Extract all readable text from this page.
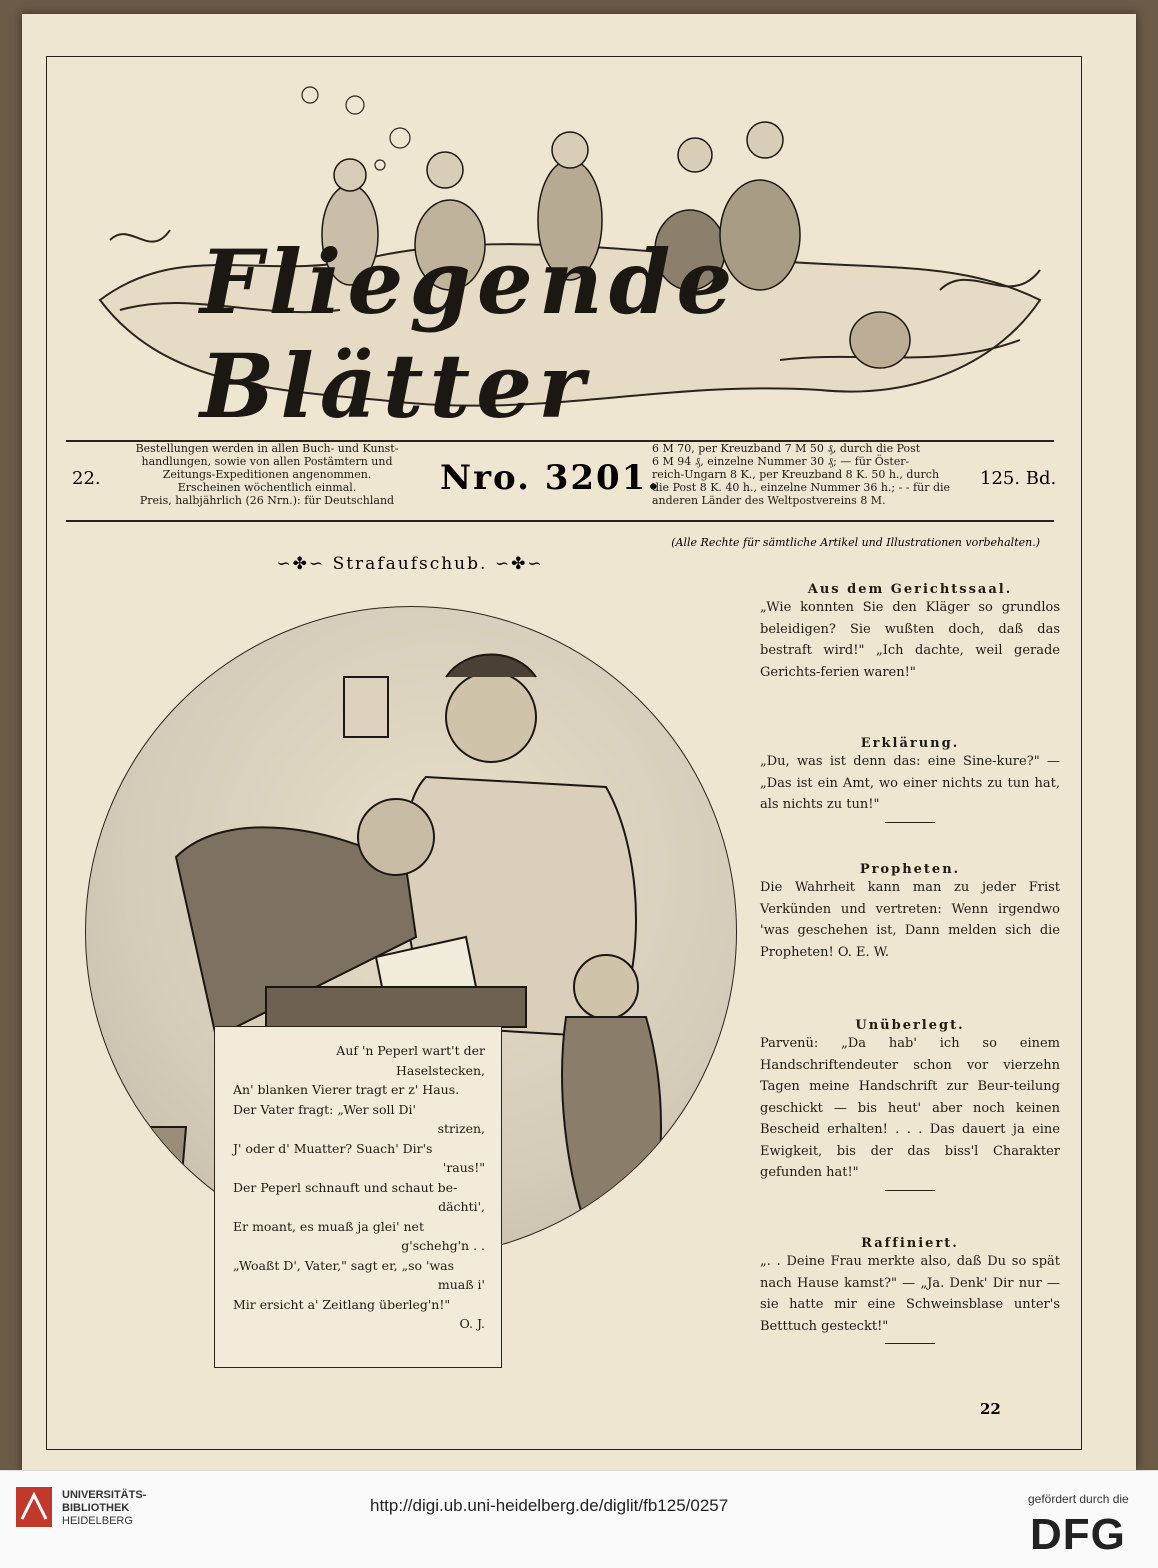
Fliegende Blätter
22.
Bestellungen werden in allen Buch- und Kunst-
handlungen, sowie von allen Postämtern und
Zeitungs-Expeditionen angenommen.
Erscheinen wöchentlich einmal.
Preis, halbjährlich (26 Nrn.): für Deutschland
Nro. 3201.
6 M 70, per Kreuzband 7 M 50 ₰, durch die Post
6 M 94 ₰, einzelne Nummer 30 ₰; — für Öster-
reich-Ungarn 8 K., per Kreuzband 8 K. 50 h., durch
die Post 8 K. 40 h., einzelne Nummer 36 h.; - - für die
anderen Länder des Weltpostvereins 8 M.
125. Bd.
(Alle Rechte für sämtliche Artikel und Illustrationen vorbehalten.)
∽✤∽ Strafaufschub. ∽✤∽
Auf 'n Peperl wart't der
Haselstecken,
An' blanken Vierer tragt er z' Haus.
Der Vater fragt: „Wer soll Di'
strizen,
J' oder d' Muatter? Suach' Dir's
'raus!"
Der Peperl schnauft und schaut be-
dächti',
Er moant, es muaß ja glei' net
g'schehg'n . .
„Woaßt D', Vater," sagt er, „so 'was
muaß i'
Mir ersicht a' Zeitlang überleg'n!"
O. J.
Aus dem Gerichtssaal.

„Wie konnten Sie den Kläger so grundlos beleidigen? Sie wußten doch, daß das bestraft wird!" „Ich dachte, weil gerade Gerichts-ferien waren!"

Erklärung.

„Du, was ist denn das: eine Sine-kure?" — „Das ist ein Amt, wo einer nichts zu tun hat, als nichts zu tun!"

Propheten.

Die Wahrheit kann man zu jeder Frist Verkünden und vertreten: Wenn irgendwo 'was geschehen ist, Dann melden sich die Propheten! O. E. W.

Unüberlegt.

Parvenü: „Da hab' ich so einem Handschriftendeuter schon vor vierzehn Tagen meine Handschrift zur Beur-teilung geschickt — bis heut' aber noch keinen Bescheid erhalten! . . . Das dauert ja eine Ewigkeit, bis der das biss'l Charakter gefunden hat!"

Raffiniert.

„. . Deine Frau merkte also, daß Du so spät nach Hause kamst?" — „Ja. Denk' Dir nur — sie hatte mir eine Schweinsblase unter's Betttuch gesteckt!"

22
UNIVERSITÄTS-
BIBLIOTHEK
HEIDELBERG
http://digi.ub.uni-heidelberg.de/diglit/fb125/0257	gefördert durch die
DFG
